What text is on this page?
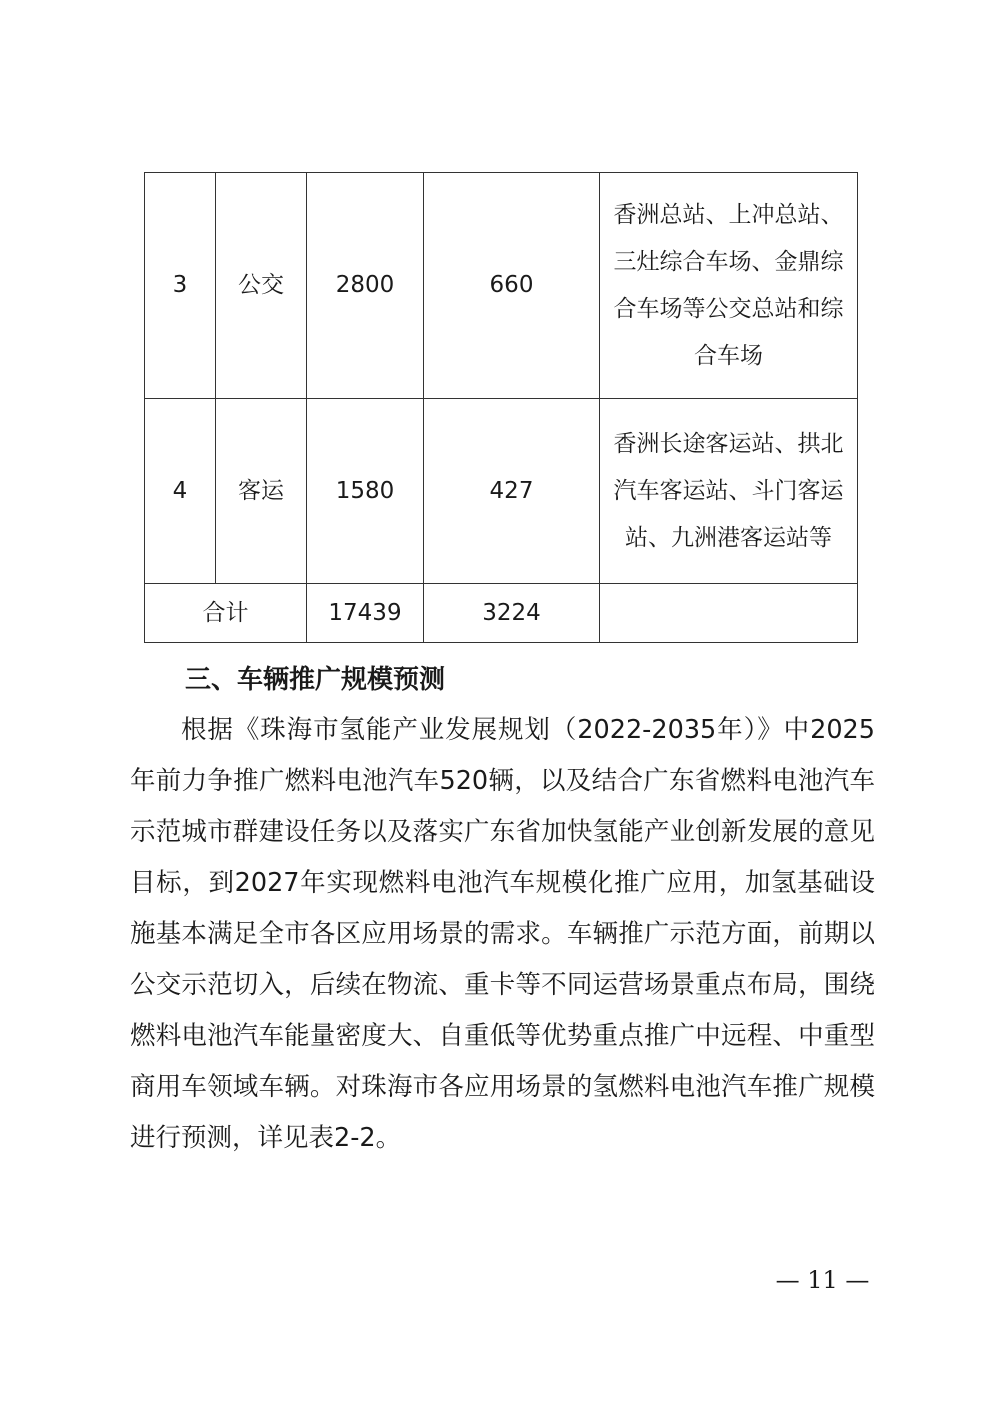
3	公交	2800	660	香洲总站、上冲总站、
三灶综合车场、金鼎综
合车场等公交总站和综
合车场
4	客运	1580	427	香洲长途客运站、拱北
汽车客运站、斗门客运
站、九洲港客运站等
合计		17439	3224	
三、车辆推广规模预测

根据《珠海市氢能产业发展规划（2022-2035年）》中2025年前力争推广燃料电池汽车520辆，以及结合广东省燃料电池汽车示范城市群建设任务以及落实广东省加快氢能产业创新发展的意见目标，到2027年实现燃料电池汽车规模化推广应用，加氢基础设施基本满足全市各区应用场景的需求。车辆推广示范方面，前期以公交示范切入，后续在物流、重卡等不同运营场景重点布局，围绕燃料电池汽车能量密度大、自重低等优势重点推广中远程、中重型商用车领域车辆。对珠海市各应用场景的氢燃料电池汽车推广规模进行预测，详见表2-2。

— 11 —
